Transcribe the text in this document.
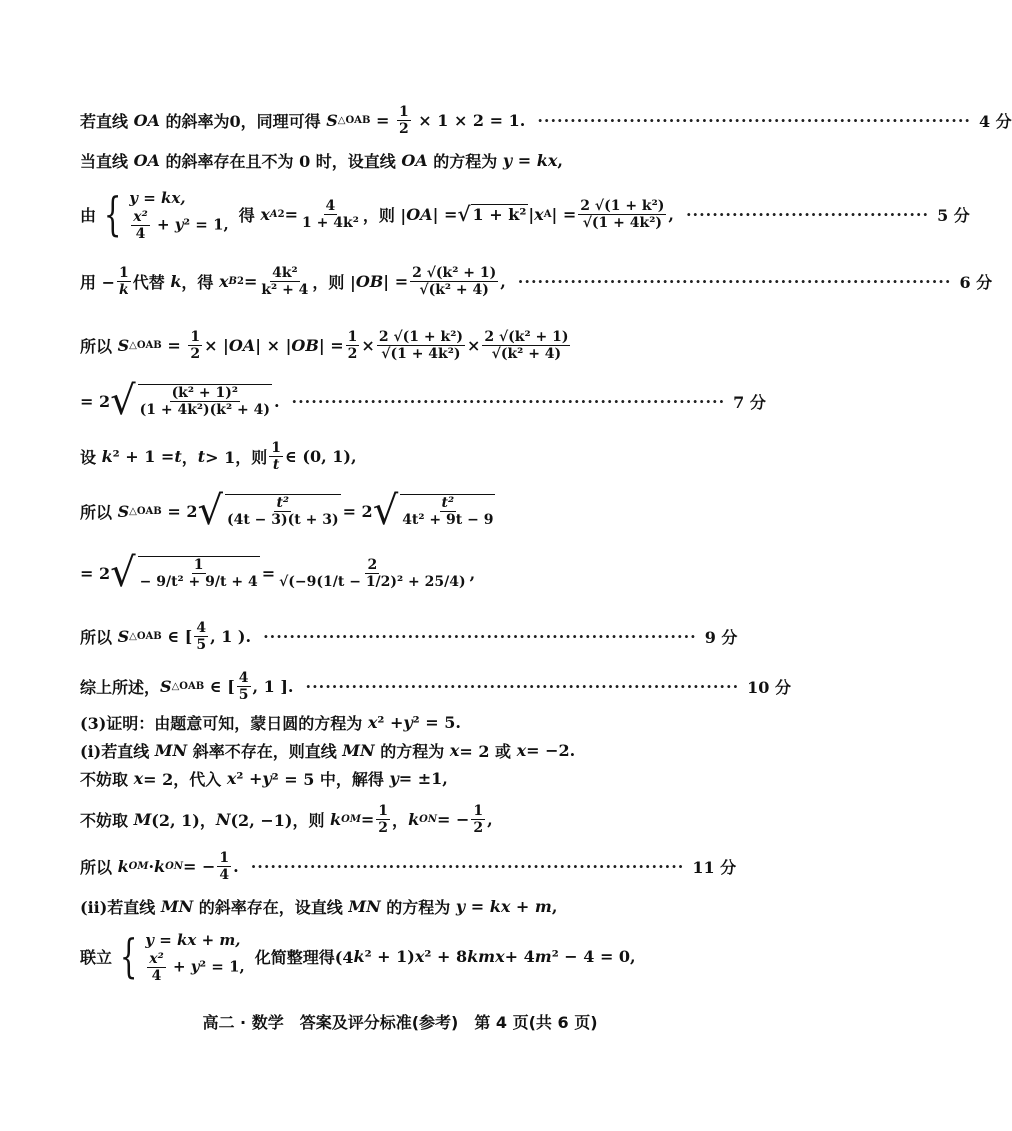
若直线 OA 的斜率为0，同理可得 S △OAB = $\frac{1}{2} \times 1 \times 2 = 1$. ·································································· 4 分
当直线 OA 的斜率存在且不为 0 时，设直线 OA 的方程为 y = kx ,
由 { y = kx,
$\frac{\text{x²}}{4} + y^2 = 1$, 得 x A $2 = \frac{4}{\text{1 + 4k²}}$ ，则 | OA | = √ 1 + k² | x A | = $\frac{\text{2 √(1 + k²)}}{\text{√(1 + 4k²)}}$ , ····································· 5 分
用 − $\frac{1}{k}$ 代替 k ，得 x B $2 = \frac{\text{4k²}}{\text{k² + 4}}$ ，则 | OB | = $\frac{\text{2 √(k² + 1)}}{\text{√(k² + 4)}}$ , ·································································· 6 分
所以 S △OAB = $\frac{1}{2}$ × | OA | × | OB | = $\frac{1}{2} \times \frac{\text{2 √(1 + k²)}}{\text{√(1 + 4k²)}} \times \frac{\text{2 √(k² + 1)}}{\text{√(k² + 4)}}$
= 2 √ $\frac{\text{(k² + 1)²}}{\text{(1 + 4k²)(k² + 4)}}$ . ·································································· 7 分
设 k ² + 1 = t ， t > 1，则 $\frac{1}{t}$ ∈ (0, 1),
所以 S △OAB = 2 √ $\frac{\text{t²}}{(4t - 3)(t + 3)} = 2$ √ $\frac{\text{t²}}{\text{4t² + 9t − 9}}$
= 2 √ $\frac{1}{\text{− 9/t² + 9/t + 4}} = \frac{2}{\text{√(−9(1/t − 1/2)² + 25/4)}}$ ,
所以 S △OAB ∈ [ $\frac{4}{5}$ , 1 ). ·································································· 9 分
综上所述， S △OAB ∈ [ $\frac{4}{5}$ , 1 ]. ·································································· 10 分
(3)证明：由题意可知，蒙日圆的方程为 x ² + y ² = 5.
(i)若直线 MN 斜率不存在，则直线 MN 的方程为 x = 2 或 x = −2.
不妨取 x = 2，代入 x ² + y ² = 5 中，解得 y = ±1,
不妨取 M (2, 1)， N (2, −1)，则 k OM = $\frac{1}{2}$ ， k ON = − $\frac{1}{2}$ ,
所以 k OM · k ON = − $\frac{1}{4}$ . ·································································· 11 分
(ii)若直线 MN 的斜率存在，设直线 MN 的方程为 y = kx + m ,
联立 { y = kx + m,
$\frac{\text{x²}}{4} + y^2 = 1$, 化简整理得(4 k ² + 1) x ² + 8 kmx + 4 m ² − 4 = 0,
高二 · 数学　答案及评分标准(参考)　第 4 页(共 6 页)
